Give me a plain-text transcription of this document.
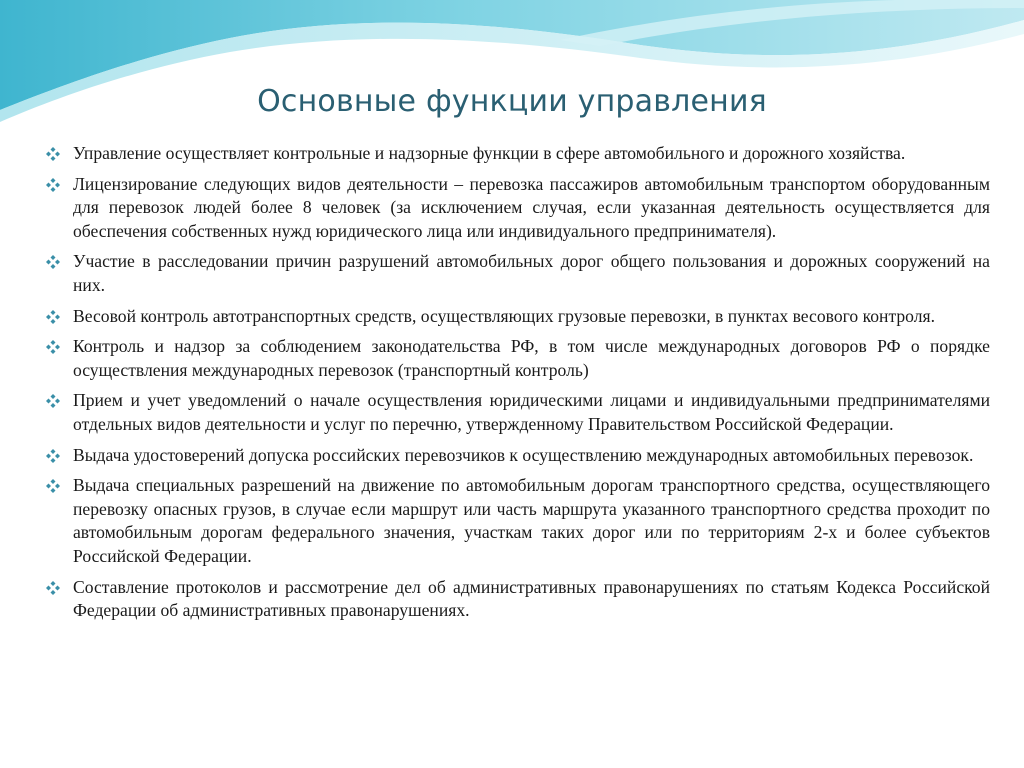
Основные функции управления
Управление осуществляет контрольные и надзорные функции в сфере автомобильного и дорожного хозяйства.
Лицензирование следующих видов деятельности – перевозка пассажиров автомобильным транспортом оборудованным для перевозок людей более 8 человек (за исключением случая, если указанная деятельность осуществляется для обеспечения собственных нужд юридического лица или индивидуального предпринимателя).
Участие в расследовании причин разрушений автомобильных дорог общего пользования и дорожных сооружений на них.
Весовой контроль автотранспортных средств, осуществляющих грузовые перевозки, в пунктах весового контроля.
Контроль и надзор за соблюдением законодательства РФ, в том числе международных договоров РФ о порядке осуществления международных перевозок (транспортный контроль)
Прием и учет уведомлений о начале осуществления юридическими лицами и индивидуальными предпринимателями отдельных видов деятельности и услуг по перечню, утвержденному Правительством Российской Федерации.
Выдача удостоверений допуска российских перевозчиков к осуществлению международных автомобильных перевозок.
Выдача специальных разрешений на движение по автомобильным дорогам транспортного средства, осуществляющего перевозку опасных грузов, в случае если маршрут или часть маршрута указанного транспортного средства проходит по автомобильным дорогам федерального значения, участкам таких дорог или по территориям 2-х и более субъектов Российской Федерации.
Составление протоколов и рассмотрение дел об административных правонарушениях по статьям Кодекса Российской Федерации об административных правонарушениях.
